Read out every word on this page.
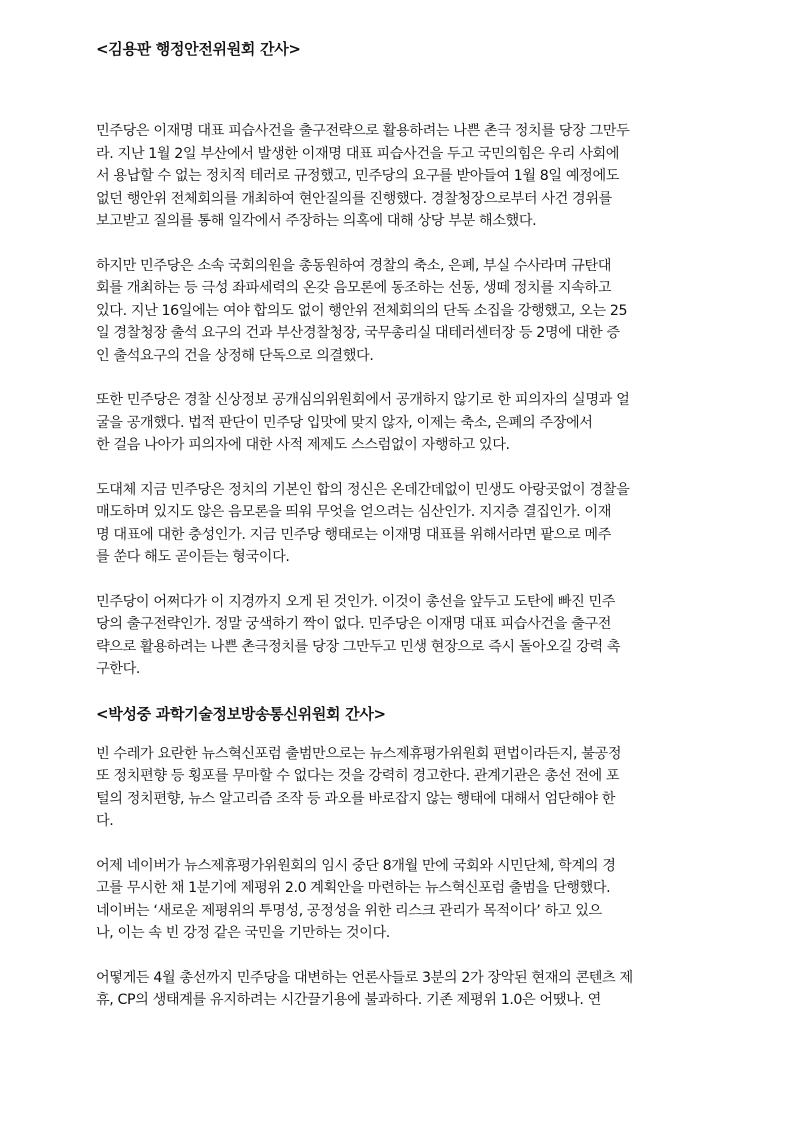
<김용판 행정안전위원회 간사>
민주당은 이재명 대표 피습사건을 출구전략으로 활용하려는 나쁜 촌극 정치를 당장 그만두
라. 지난 1월 2일 부산에서 발생한 이재명 대표 피습사건을 두고 국민의힘은 우리 사회에
서 용납할 수 없는 정치적 테러로 규정했고, 민주당의 요구를 받아들여 1월 8일 예정에도
없던 행안위 전체회의를 개최하여 현안질의를 진행했다. 경찰청장으로부터 사건 경위를
보고받고 질의를 통해 일각에서 주장하는 의혹에 대해 상당 부분 해소했다.
하지만 민주당은 소속 국회의원을 총동원하여 경찰의 축소, 은폐, 부실 수사라며 규탄대
회를 개최하는 등 극성 좌파세력의 온갖 음모론에 동조하는 선동, 생떼 정치를 지속하고
있다. 지난 16일에는 여야 합의도 없이 행안위 전체회의의 단독 소집을 강행했고, 오는 25
일 경찰청장 출석 요구의 건과 부산경찰청장, 국무총리실 대테러센터장 등 2명에 대한 증
인 출석요구의 건을 상정해 단독으로 의결했다.
또한 민주당은 경찰 신상정보 공개심의위원회에서 공개하지 않기로 한 피의자의 실명과 얼
굴을 공개했다. 법적 판단이 민주당 입맛에 맞지 않자, 이제는 축소, 은폐의 주장에서
한 걸음 나아가 피의자에 대한 사적 제제도 스스럼없이 자행하고 있다.
도대체 지금 민주당은 정치의 기본인 합의 정신은 온데간데없이 민생도 아랑곳없이 경찰을
매도하며 있지도 않은 음모론을 띄워 무엇을 얻으려는 심산인가. 지지층 결집인가. 이재
명 대표에 대한 충성인가. 지금 민주당 행태로는 이재명 대표를 위해서라면 팥으로 메주
를 쑨다 해도 곧이듣는 형국이다.
민주당이 어쩌다가 이 지경까지 오게 된 것인가. 이것이 총선을 앞두고 도탄에 빠진 민주
당의 출구전략인가. 정말 궁색하기 짝이 없다. 민주당은 이재명 대표 피습사건을 출구전
략으로 활용하려는 나쁜 촌극정치를 당장 그만두고 민생 현장으로 즉시 돌아오길 강력 촉
구한다.
<박성중 과학기술정보방송통신위원회 간사>
빈 수레가 요란한 뉴스혁신포럼 출범만으로는 뉴스제휴평가위원회 편법이라든지, 불공정
또 정치편향 등 횡포를 무마할 수 없다는 것을 강력히 경고한다. 관계기관은 총선 전에 포
털의 정치편향, 뉴스 알고리즘 조작 등 과오를 바로잡지 않는 행태에 대해서 엄단해야 한
다.
어제 네이버가 뉴스제휴평가위원회의 임시 중단 8개월 만에 국회와 시민단체, 학계의 경
고를 무시한 채 1분기에 제평위 2.0 계획안을 마련하는 뉴스혁신포럼 출범을 단행했다.
네이버는 ‘새로운 제평위의 투명성, 공정성을 위한 리스크 관리가 목적이다’ 하고 있으
나, 이는 속 빈 강정 같은 국민을 기만하는 것이다.
어떻게든 4월 총선까지 민주당을 대변하는 언론사들로 3분의 2가 장악된 현재의 콘텐츠 제
휴, CP의 생태계를 유지하려는 시간끌기용에 불과하다. 기존 제평위 1.0은 어땠나. 연
